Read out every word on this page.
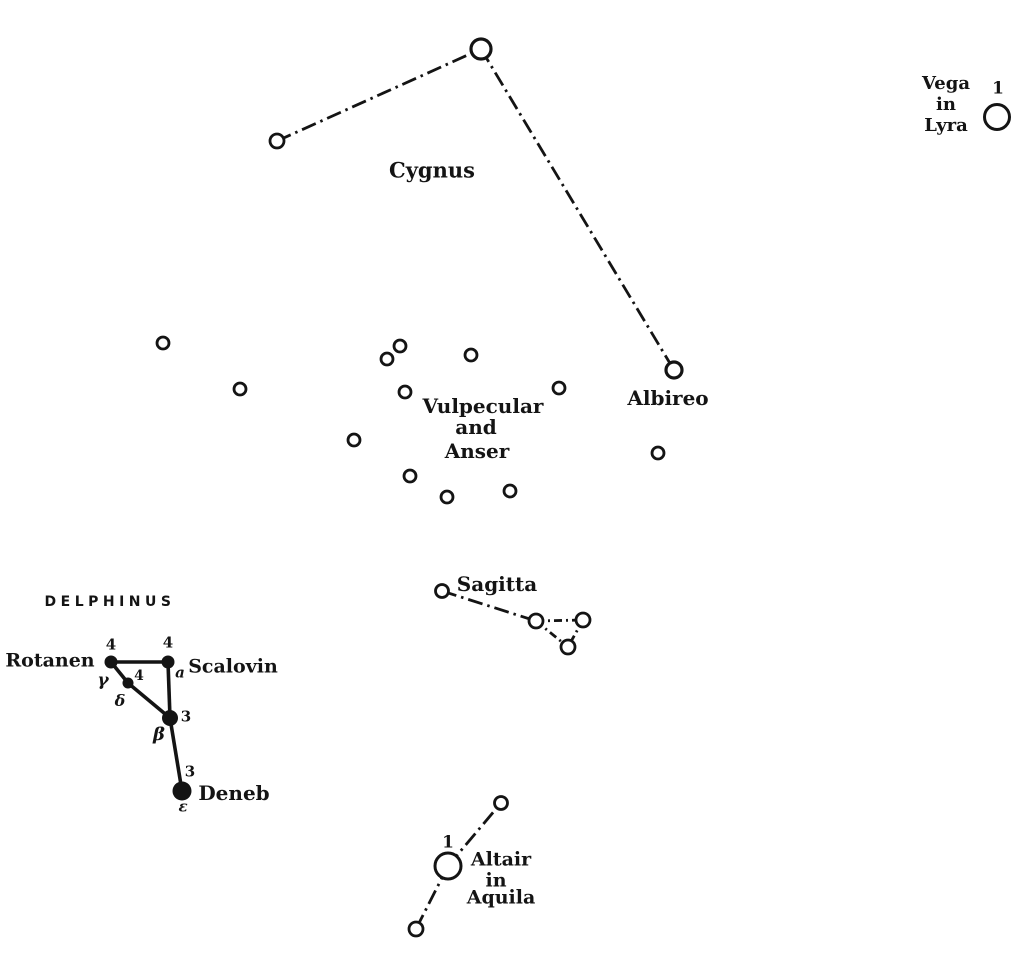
Cygnus
Vega
in
Lyra
1
Vulpecular
and
Anser
Albireo
Sagitta
DELPHINUS
Rotanen	Scalovin
Deneb
Altair
in
Aquila
1
4	4
4
3
3
γ	a
δ
β
ε
